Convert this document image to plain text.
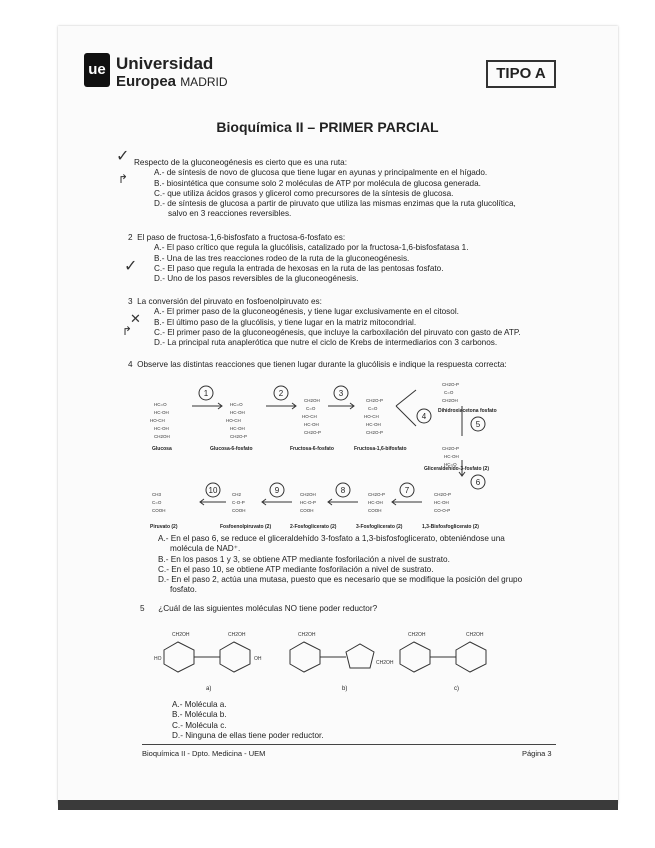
ue Universidad
Europea MADRID	TIPO A
Bioquímica II – PRIMER PARCIAL
✓
↱
Respecto de la gluconeogénesis es cierto que es una ruta:
A.- de síntesis de novo de glucosa que tiene lugar en ayunas y principalmente en el hígado.
B.- biosintética que consume solo 2 moléculas de ATP por molécula de glucosa generada.
C.- que utiliza ácidos grasos y glicerol como precursores de la síntesis de glucosa.
D.- de síntesis de glucosa a partir de piruvato que utiliza las mismas enzimas que la ruta glucolítica,
salvo en 3 reacciones reversibles.
2 El paso de fructosa-1,6-bisfosfato a fructosa-6-fosfato es:
A.- El paso crítico que regula la glucólisis, catalizado por la fructosa-1,6-bisfosfatasa 1.
B.- Una de las tres reacciones rodeo de la ruta de la gluconeogénesis.
C.- El paso que regula la entrada de hexosas en la ruta de las pentosas fosfato.
D.- Uno de los pasos reversibles de la gluconeogénesis.
✓
3 La conversión del piruvato en fosfoenolpiruvato es:
A.- El primer paso de la gluconeogénesis, y tiene lugar exclusivamente en el citosol.
B.- El último paso de la glucólisis, y tiene lugar en la matriz mitocondrial.
C.- El primer paso de la gluconeogénesis, que incluye la carboxilación del piruvato con gasto de ATP.
D.- La principal ruta anaplerótica que nutre el ciclo de Krebs de intermediarios con 3 carbonos.
✕
↱
4 Observe las distintas reacciones que tienen lugar durante la glucólisis e indique la respuesta correcta:
1	2	3
4
5
6
10	9	8	7
Glucosa	Glucosa-6-fosfato	Fructosa-6-fosfato	Fructosa-1,6-bifosfato
Dihidroxiacetona fosfato
Gliceraldehído-3-fosfato (2)
Piruvato (2)	Fosfoenolpiruvato (2)	2-Fosfoglicerato (2)	3-Fosfoglicerato (2)	1,3-Bisfosfoglicerato (2)
HC=O
HC-OH
HO-CH
HC-OH
CH2OH
HC=O
HC-OH
HO-CH
HC-OH
CH2O-P
CH2OH
C=O
HO-CH
HC-OH
CH2O-P
CH2O-P
C=O
HO-CH
HC-OH
CH2O-P
CH2O-P
C=O
CH2OH
CH2O-P
HC-OH
HC=O
CH3
C=O
COOH
CH2
C-O-P
COOH
CH2OH
HC-O-P
COOH
CH2O-P
HC-OH
COOH
CH2O-P
HC-OH
CO-O-P
A.- En el paso 6, se reduce el gliceraldehído 3-fosfato a 1,3-bisfosfoglicerato, obteniéndose una
molécula de NAD⁺.
B.- En los pasos 1 y 3, se obtiene ATP mediante fosforilación a nivel de sustrato.
C.- En el paso 10, se obtiene ATP mediante fosforilación a nivel de sustrato.
D.- En el paso 2, actúa una mutasa, puesto que es necesario que se modifique la posición del grupo
fosfato.
5 ¿Cuál de las siguientes moléculas NO tiene poder reductor?
CH2OH	CH2OH
HO	OH
CH2OH
CH2OH
CH2OH	CH2OH
a)	b)	c)
A.- Molécula a.
B.- Molécula b.
C.- Molécula c.
D.- Ninguna de ellas tiene poder reductor.
Bioquímica II - Dpto. Medicina - UEM	Página 3
